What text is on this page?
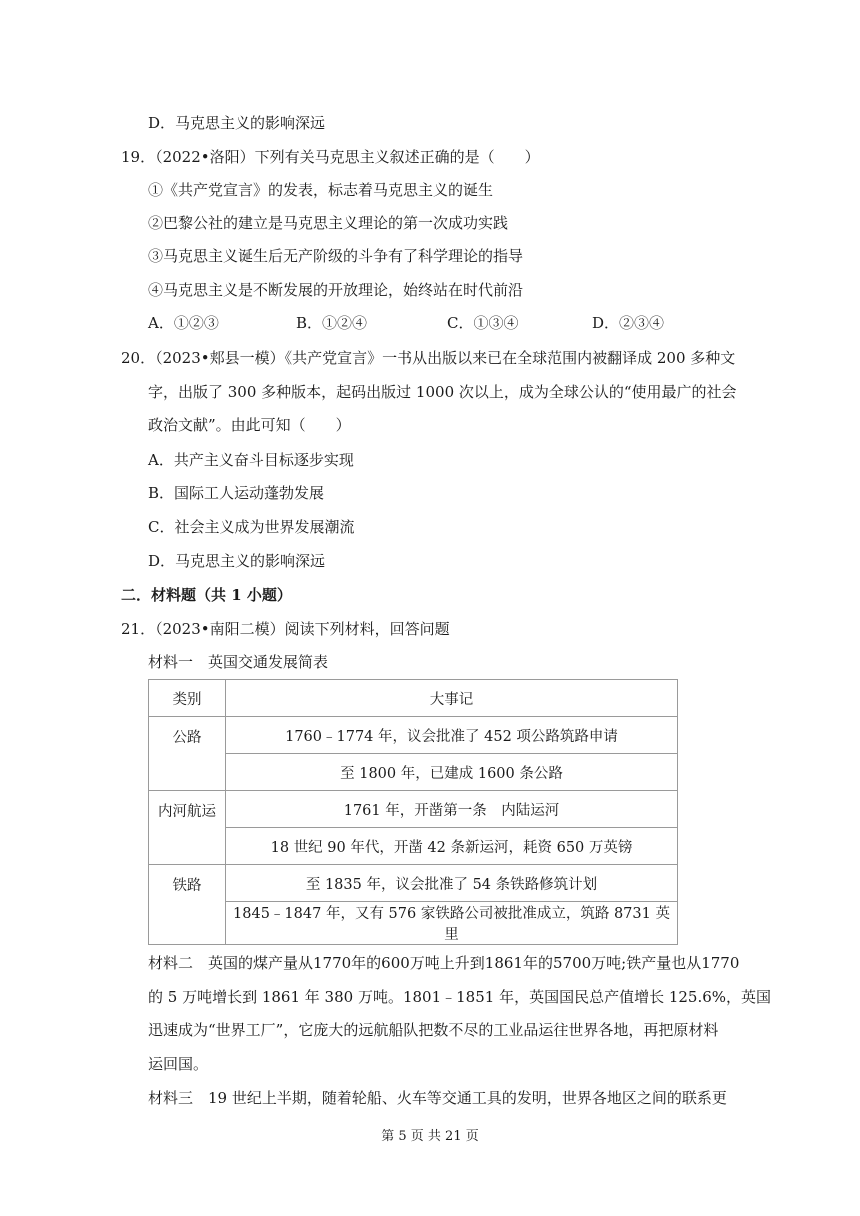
D．马克思主义的影响深远
19．（2022•洛阳）下列有关马克思主义叙述正确的是（　　）
①《共产党宣言》的发表，标志着马克思主义的诞生
②巴黎公社的建立是马克思主义理论的第一次成功实践
③马克思主义诞生后无产阶级的斗争有了科学理论的指导
④马克思主义是不断发展的开放理论，始终站在时代前沿
A．①②③	B．①②④	C．①③④	D．②③④
20．（2023•郏县一模）《共产党宣言》一书从出版以来已在全球范围内被翻译成 200 多种文
字，出版了 300 多种版本，起码出版过 1000 次以上，成为全球公认的“使用最广的社会
政治文献”。由此可知（　　）
A．共产主义奋斗目标逐步实现
B．国际工人运动蓬勃发展
C．社会主义成为世界发展潮流
D．马克思主义的影响深远
二．材料题（共 1 小题）
21．（2023•南阳二模）阅读下列材料，回答问题
材料一　英国交通发展简表
类别	大事记
公路	1760﹣1774 年，议会批准了 452 项公路筑路申请
	至 1800 年，已建成 1600 条公路
内河航运	1761 年，开凿第一条　内陆运河
	18 世纪 90 年代，开凿 42 条新运河，耗资 650 万英镑
铁路	至 1835 年，议会批准了 54 条铁路修筑计划
	1845﹣1847 年，又有 576 家铁路公司被批准成立，筑路 8731 英里
材料二　英国的煤产量从1770年的600万吨上升到1861年的5700万吨;铁产量也从1770
的 5 万吨增长到 1861 年 380 万吨。1801﹣1851 年，英国国民总产值增长 125.6%，英国
迅速成为“世界工厂”，它庞大的远航船队把数不尽的工业品运往世界各地，再把原材料
运回国。
材料三　19 世纪上半期，随着轮船、火车等交通工具的发明，世界各地区之间的联系更
第 5 页 共 21 页
